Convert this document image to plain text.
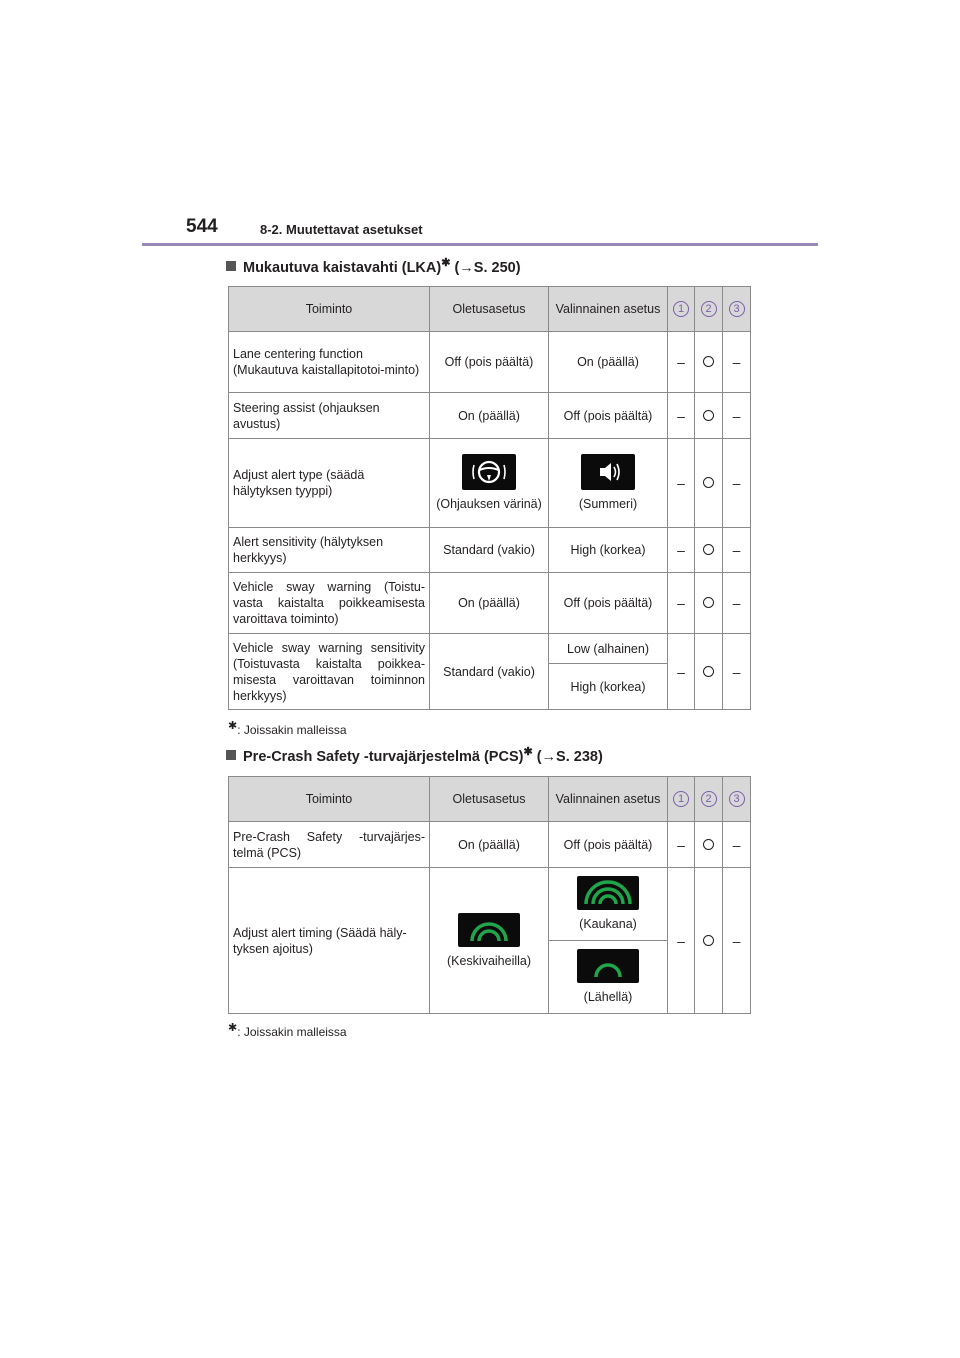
544	8-2. Muutettavat asetukset
Mukautuva kaistavahti (LKA)✱ (→S. 250)
Toiminto	Oletusasetus	Valinnainen asetus	1	2	3
Lane centering function (Mukautuva kaistallapitotoi-minto)	Off (pois päältä)	On (päällä)	–		–
Steering assist (ohjauksen avustus)	On (päällä)	Off (pois päältä)	–		–
Adjust alert type (säädä hälytyksen tyyppi)	(Ohjauksen värinä)	(Summeri)	–		–
Alert sensitivity (hälytyksen herkkyys)	Standard (vakio)	High (korkea)	–		–
Vehicle sway warning (Toistu-vasta kaistalta poikkeamisesta varoittava toiminto)	On (päällä)	Off (pois päältä)	–		–
Vehicle sway warning sensitivity (Toistuvasta kaistalta poikkea-misesta varoittavan toiminnon herkkyys)	Standard (vakio)	Low (alhainen)	–		–
		High (korkea)			
✱: Joissakin malleissa
Pre-Crash Safety -turvajärjestelmä (PCS)✱ (→S. 238)
Toiminto	Oletusasetus	Valinnainen asetus	1	2	3
Pre-Crash Safety -turvajärjes-telmä (PCS)	On (päällä)	Off (pois päältä)	–		–
Adjust alert timing (Säädä häly-tyksen ajoitus)	(Keskivaiheilla)	(Kaukana)	–		–

		(Lähellä)			
✱: Joissakin malleissa
